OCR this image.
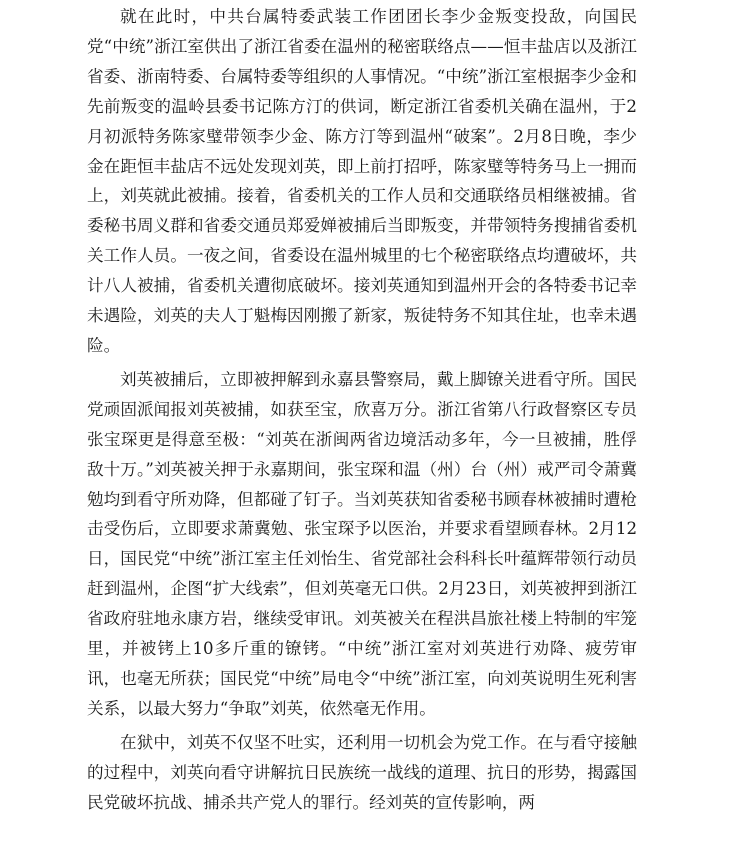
就在此时，中共台属特委武装工作团团长李少金叛变投敌，向国民党“中统”浙江室供出了浙江省委在温州的秘密联络点——恒丰盐店以及浙江省委、浙南特委、台属特委等组织的人事情况。“中统”浙江室根据李少金和先前叛变的温岭县委书记陈方汀的供词，断定浙江省委机关确在温州，于2月初派特务陈家璧带领李少金、陈方汀等到温州“破案”。2月8日晚，李少金在距恒丰盐店不远处发现刘英，即上前打招呼，陈家璧等特务马上一拥而上，刘英就此被捕。接着，省委机关的工作人员和交通联络员相继被捕。省委秘书周义群和省委交通员郑爱婵被捕后当即叛变，并带领特务搜捕省委机关工作人员。一夜之间，省委设在温州城里的七个秘密联络点均遭破坏，共计八人被捕，省委机关遭彻底破坏。接刘英通知到温州开会的各特委书记幸未遇险，刘英的夫人丁魁梅因刚搬了新家，叛徒特务不知其住址，也幸未遇险。

刘英被捕后，立即被押解到永嘉县警察局，戴上脚镣关进看守所。国民党顽固派闻报刘英被捕，如获至宝，欣喜万分。浙江省第八行政督察区专员张宝琛更是得意至极：“刘英在浙闽两省边境活动多年，今一旦被捕，胜俘敌十万。”刘英被关押于永嘉期间，张宝琛和温（州）台（州）戒严司令萧冀勉均到看守所劝降，但都碰了钉子。当刘英获知省委秘书顾春林被捕时遭枪击受伤后，立即要求萧冀勉、张宝琛予以医治，并要求看望顾春林。2月12日，国民党“中统”浙江室主任刘怡生、省党部社会科科长叶蕴辉带领行动员赶到温州，企图“扩大线索”，但刘英毫无口供。2月23日，刘英被押到浙江省政府驻地永康方岩，继续受审讯。刘英被关在程洪昌旅社楼上特制的牢笼里，并被铐上10多斤重的镣铐。“中统”浙江室对刘英进行劝降、疲劳审讯，也毫无所获；国民党“中统”局电令“中统”浙江室，向刘英说明生死利害关系，以最大努力“争取”刘英，依然毫无作用。

在狱中，刘英不仅坚不吐实，还利用一切机会为党工作。在与看守接触的过程中，刘英向看守讲解抗日民族统一战线的道理、抗日的形势，揭露国民党破坏抗战、捕杀共产党人的罪行。经刘英的宣传影响，两
